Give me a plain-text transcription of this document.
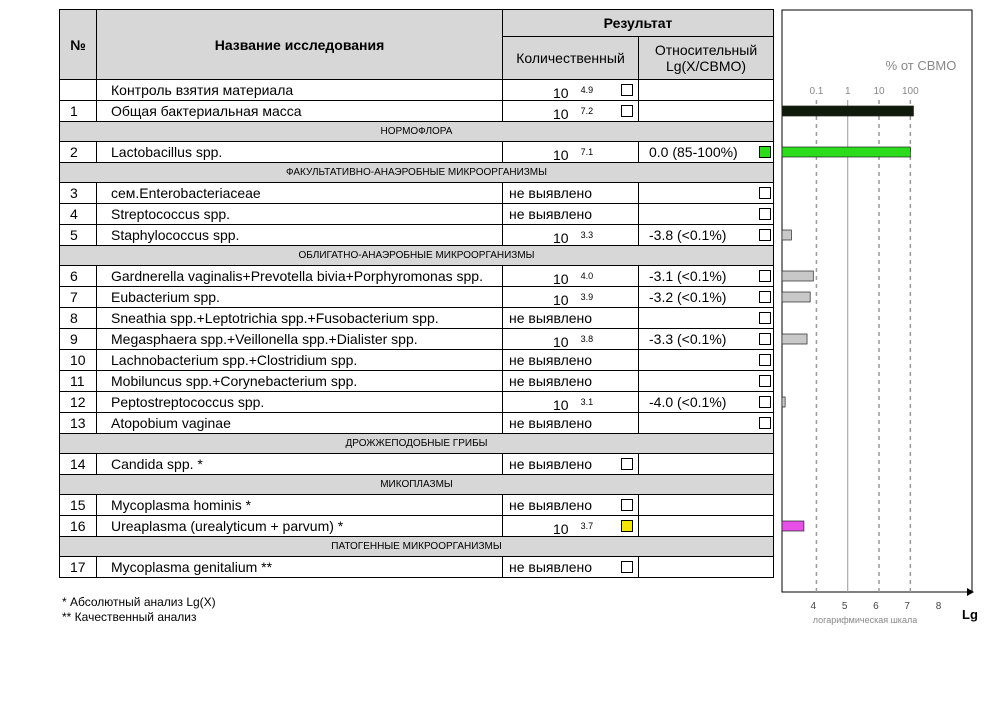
№	Название исследования	Результат	
		Количественный	Относительный
Lg(X/СВМО)
	Контроль взятия материала	10 $^{4.9}$

1	Общая бактериальная масса	10 $^{7.2}$

НОРМОФЛОРА			
2	Lactobacillus spp.	10 $^{7.1}$	0.0 (85-100%)

ФАКУЛЬТАТИВНО-АНАЭРОБНЫЕ МИКРООРГАНИЗМЫ			
3	сем.Enterobacteriaceae	не выявлено	

4	Streptococcus spp.	не выявлено	

5	Staphylococcus spp.	10 $^{3.3}$	-3.8 (<0.1%)

ОБЛИГАТНО-АНАЭРОБНЫЕ МИКРООРГАНИЗМЫ			
6	Gardnerella vaginalis+Prevotella bivia+Porphyromonas spp.	10 $^{4.0}$	-3.1 (<0.1%)

7	Eubacterium spp.	10 $^{3.9}$	-3.2 (<0.1%)

8	Sneathia spp.+Leptotrichia spp.+Fusobacterium spp.	не выявлено	

9	Megasphaera spp.+Veillonella spp.+Dialister spp.	10 $^{3.8}$	-3.3 (<0.1%)

10	Lachnobacterium spp.+Clostridium spp.	не выявлено	

11	Mobiluncus spp.+Corynebacterium spp.	не выявлено	

12	Peptostreptococcus spp.	10 $^{3.1}$	-4.0 (<0.1%)

13	Atopobium vaginae	не выявлено	

ДРОЖЖЕПОДОБНЫЕ ГРИБЫ			
14	Candida spp. *	не выявлено	

МИКОПЛАЗМЫ			
15	Mycoplasma hominis *	не выявлено	

16	Ureaplasma (urealyticum + parvum) *	10 $^{3.7}$

ПАТОГЕННЫЕ МИКРООРГАНИЗМЫ			
17	Mycoplasma genitalium **	не выявлено	

% от СВМО
0.1 1 10 100
4	5	6	7	8
логарифмическая шкала	Lg
* Абсолютный анализ Lg(X)
** Качественный анализ
